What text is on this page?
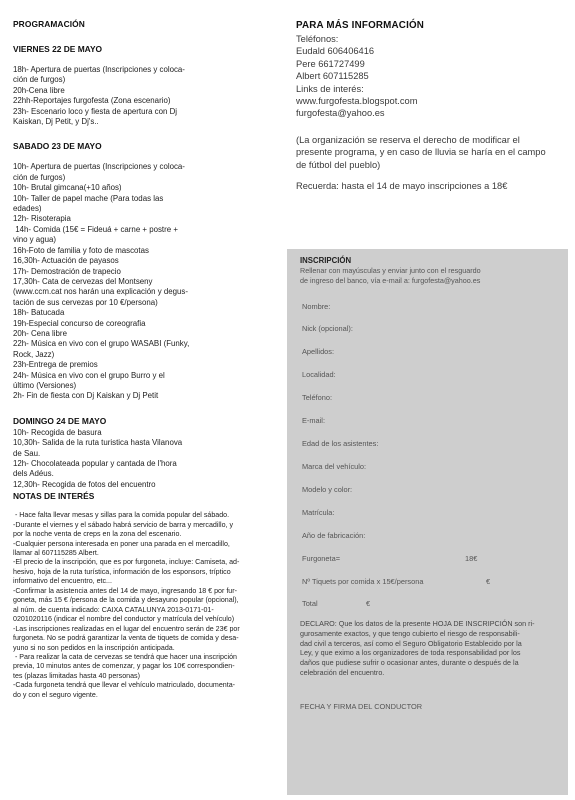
PROGRAMACIÓN
VIERNES 22 DE MAYO
18h- Apertura de puertas (Inscripciones y coloca-
ción de furgos)
20h-Cena libre
22hh-Reportajes furgofesta (Zona escenario)
23h- Escenario loco y fiesta de apertura con Dj
Kaiskan, Dj Petit, y Dj's..
SABADO 23 DE MAYO
10h- Apertura de puertas (Inscripciones y coloca-
ción de furgos)
10h- Brutal gimcana(+10 años)
10h- Taller de papel mache (Para todas las
edades)
12h- Risoterapia
14h- Comida (15€ = Fideuá + carne + postre +
vino y agua)
16h-Foto de familia y foto de mascotas
16,30h- Actuación de payasos
17h- Demostración de trapecio
17,30h- Cata de cervezas del Montseny
(www.ccm.cat nos harán una explicación y degus-
tación de sus cervezas por 10 €/persona)
18h- Batucada
19h-Especial concurso de coreografia
20h- Cena libre
22h- Música en vivo con el grupo WASABI (Funky,
Rock, Jazz)
23h-Entrega de premios
24h- Música en vivo con el grupo Burro y el
último (Versiones)
2h- Fin de fiesta con Dj Kaiskan y Dj Petit
DOMINGO 24 DE MAYO
10h- Recogida de basura
10,30h- Salida de la ruta turistica hasta Vilanova
de Sau.
12h- Chocolateada popular y cantada de l'hora
dels Adéus.
12,30h- Recogida de fotos del encuentro
NOTAS DE INTERÉS

- Hace falta llevar mesas y sillas para la comida popular del sábado.

-Durante el viernes y el sábado habrá servicio de barra y mercadillo, y

por la noche venta de creps en la zona del escenario.

-Cualquier persona interesada en poner una parada en el mercadillo,

llamar al 607115285 Albert.

-El precio de la inscripción, que es por furgoneta, incluye: Camiseta, ad-

hesivo, hoja de la ruta turística, información de los esponsors, tríptico

informativo del encuentro, etc...

-Confirmar la asistencia antes del 14 de mayo, ingresando 18 € por fur-

goneta, más 15 € /persona de la comida y desayuno popular (opcional),

al núm. de cuenta indicado: CAIXA CATALUNYA 2013-0171-01-

0201020116 (indicar el nombre del conductor y matrícula del vehículo)

-Las inscripciones realizadas en el lugar del encuentro serán de 23€ por

furgoneta. No se podrá garantizar la venta de tiquets de comida y desa-

yuno si no son pedidos en la inscripción anticipada.

- Para realizar la cata de cervezas se tendrá que hacer una inscripción

previa, 10 minutos antes de comenzar, y pagar los 10€ correspondien-

tes (plazas limitadas hasta 40 personas)

-Cada furgoneta tendrá que llevar el vehículo matriculado, documenta-

do y con el seguro vigente.

PARA MÁS INFORMACIÓN
Teléfonos:
Eudald 606406416
Pere 661727499
Albert 607115285
Links de interés:
www.furgofesta.blogspot.com
furgofesta@yahoo.es
(La organización se reserva el derecho de modificar el
presente programa, y en caso de lluvia se haría en el campo
de fútbol del pueblo)
Recuerda: hasta el 14 de mayo inscripciones a 18€
INSCRIPCIÓN
Rellenar con mayúsculas y enviar junto con el resguardo
de ingreso del banco, vía e-mail a: furgofesta@yahoo.es
Nombre:
Nick (opcional):
Apellidos:
Localidad:
Teléfono:
E-mail:
Edad de los asistentes:
Marca del vehículo:
Modelo y color:
Matrícula:
Año de fabricación:
Furgoneta=	18€
Nº Tiquets por comida x 15€/persona	€
Total	€
DECLARO: Que los datos de la presente HOJA DE INSCRIPCIÓN son ri-
gurosamente exactos, y que tengo cubierto el riesgo de responsabili-
dad civil a terceros, así como el Seguro Obligatorio Establecido por la
Ley, y que eximo a los organizadores de toda responsabilidad por los
daños que pudiese sufrir o ocasionar antes, durante o después de la
celebración del encuentro.
FECHA Y FIRMA DEL CONDUCTOR
